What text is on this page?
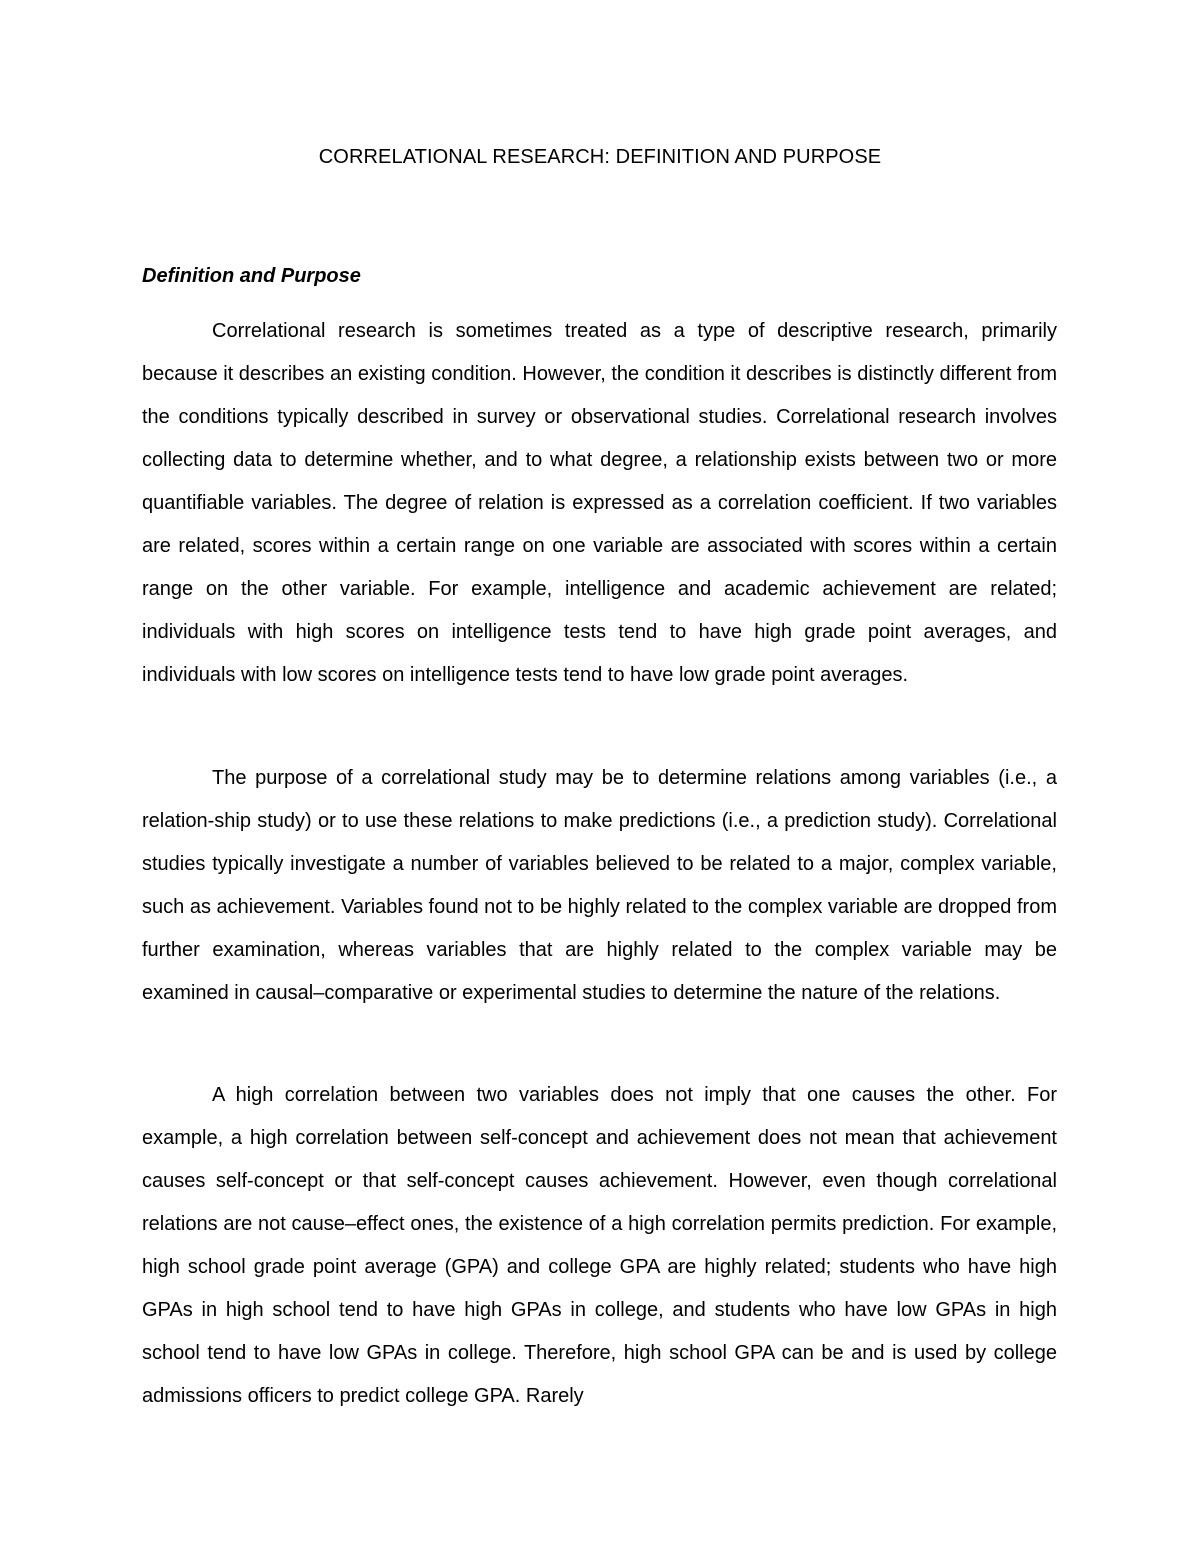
CORRELATIONAL RESEARCH: DEFINITION AND PURPOSE
Definition and Purpose

Correlational research is sometimes treated as a type of descriptive research, primarily because it describes an existing condition. However, the condition it describes is distinctly different from the conditions typically described in survey or observational studies. Correlational research involves collecting data to determine whether, and to what degree, a relationship exists between two or more quantifiable variables. The degree of relation is expressed as a correlation coefficient. If two variables are related, scores within a certain range on one variable are associated with scores within a certain range on the other variable. For example, intelligence and academic achievement are related; individuals with high scores on intelligence tests tend to have high grade point averages, and individuals with low scores on intelligence tests tend to have low grade point averages.

The purpose of a correlational study may be to determine relations among variables (i.e., a relation-ship study) or to use these relations to make predictions (i.e., a prediction study). Correlational studies typically investigate a number of variables believed to be related to a major, complex variable, such as achievement. Variables found not to be highly related to the complex variable are dropped from further examination, whereas variables that are highly related to the complex variable may be examined in causal–comparative or experimental studies to determine the nature of the relations.

A high correlation between two variables does not imply that one causes the other. For example, a high correlation between self-concept and achievement does not mean that achievement causes self-concept or that self-concept causes achievement. However, even though correlational relations are not cause–effect ones, the existence of a high correlation permits prediction. For example, high school grade point average (GPA) and college GPA are highly related; students who have high GPAs in high school tend to have high GPAs in college, and students who have low GPAs in high school tend to have low GPAs in college. Therefore, high school GPA can be and is used by college admissions officers to predict college GPA. Rarely
